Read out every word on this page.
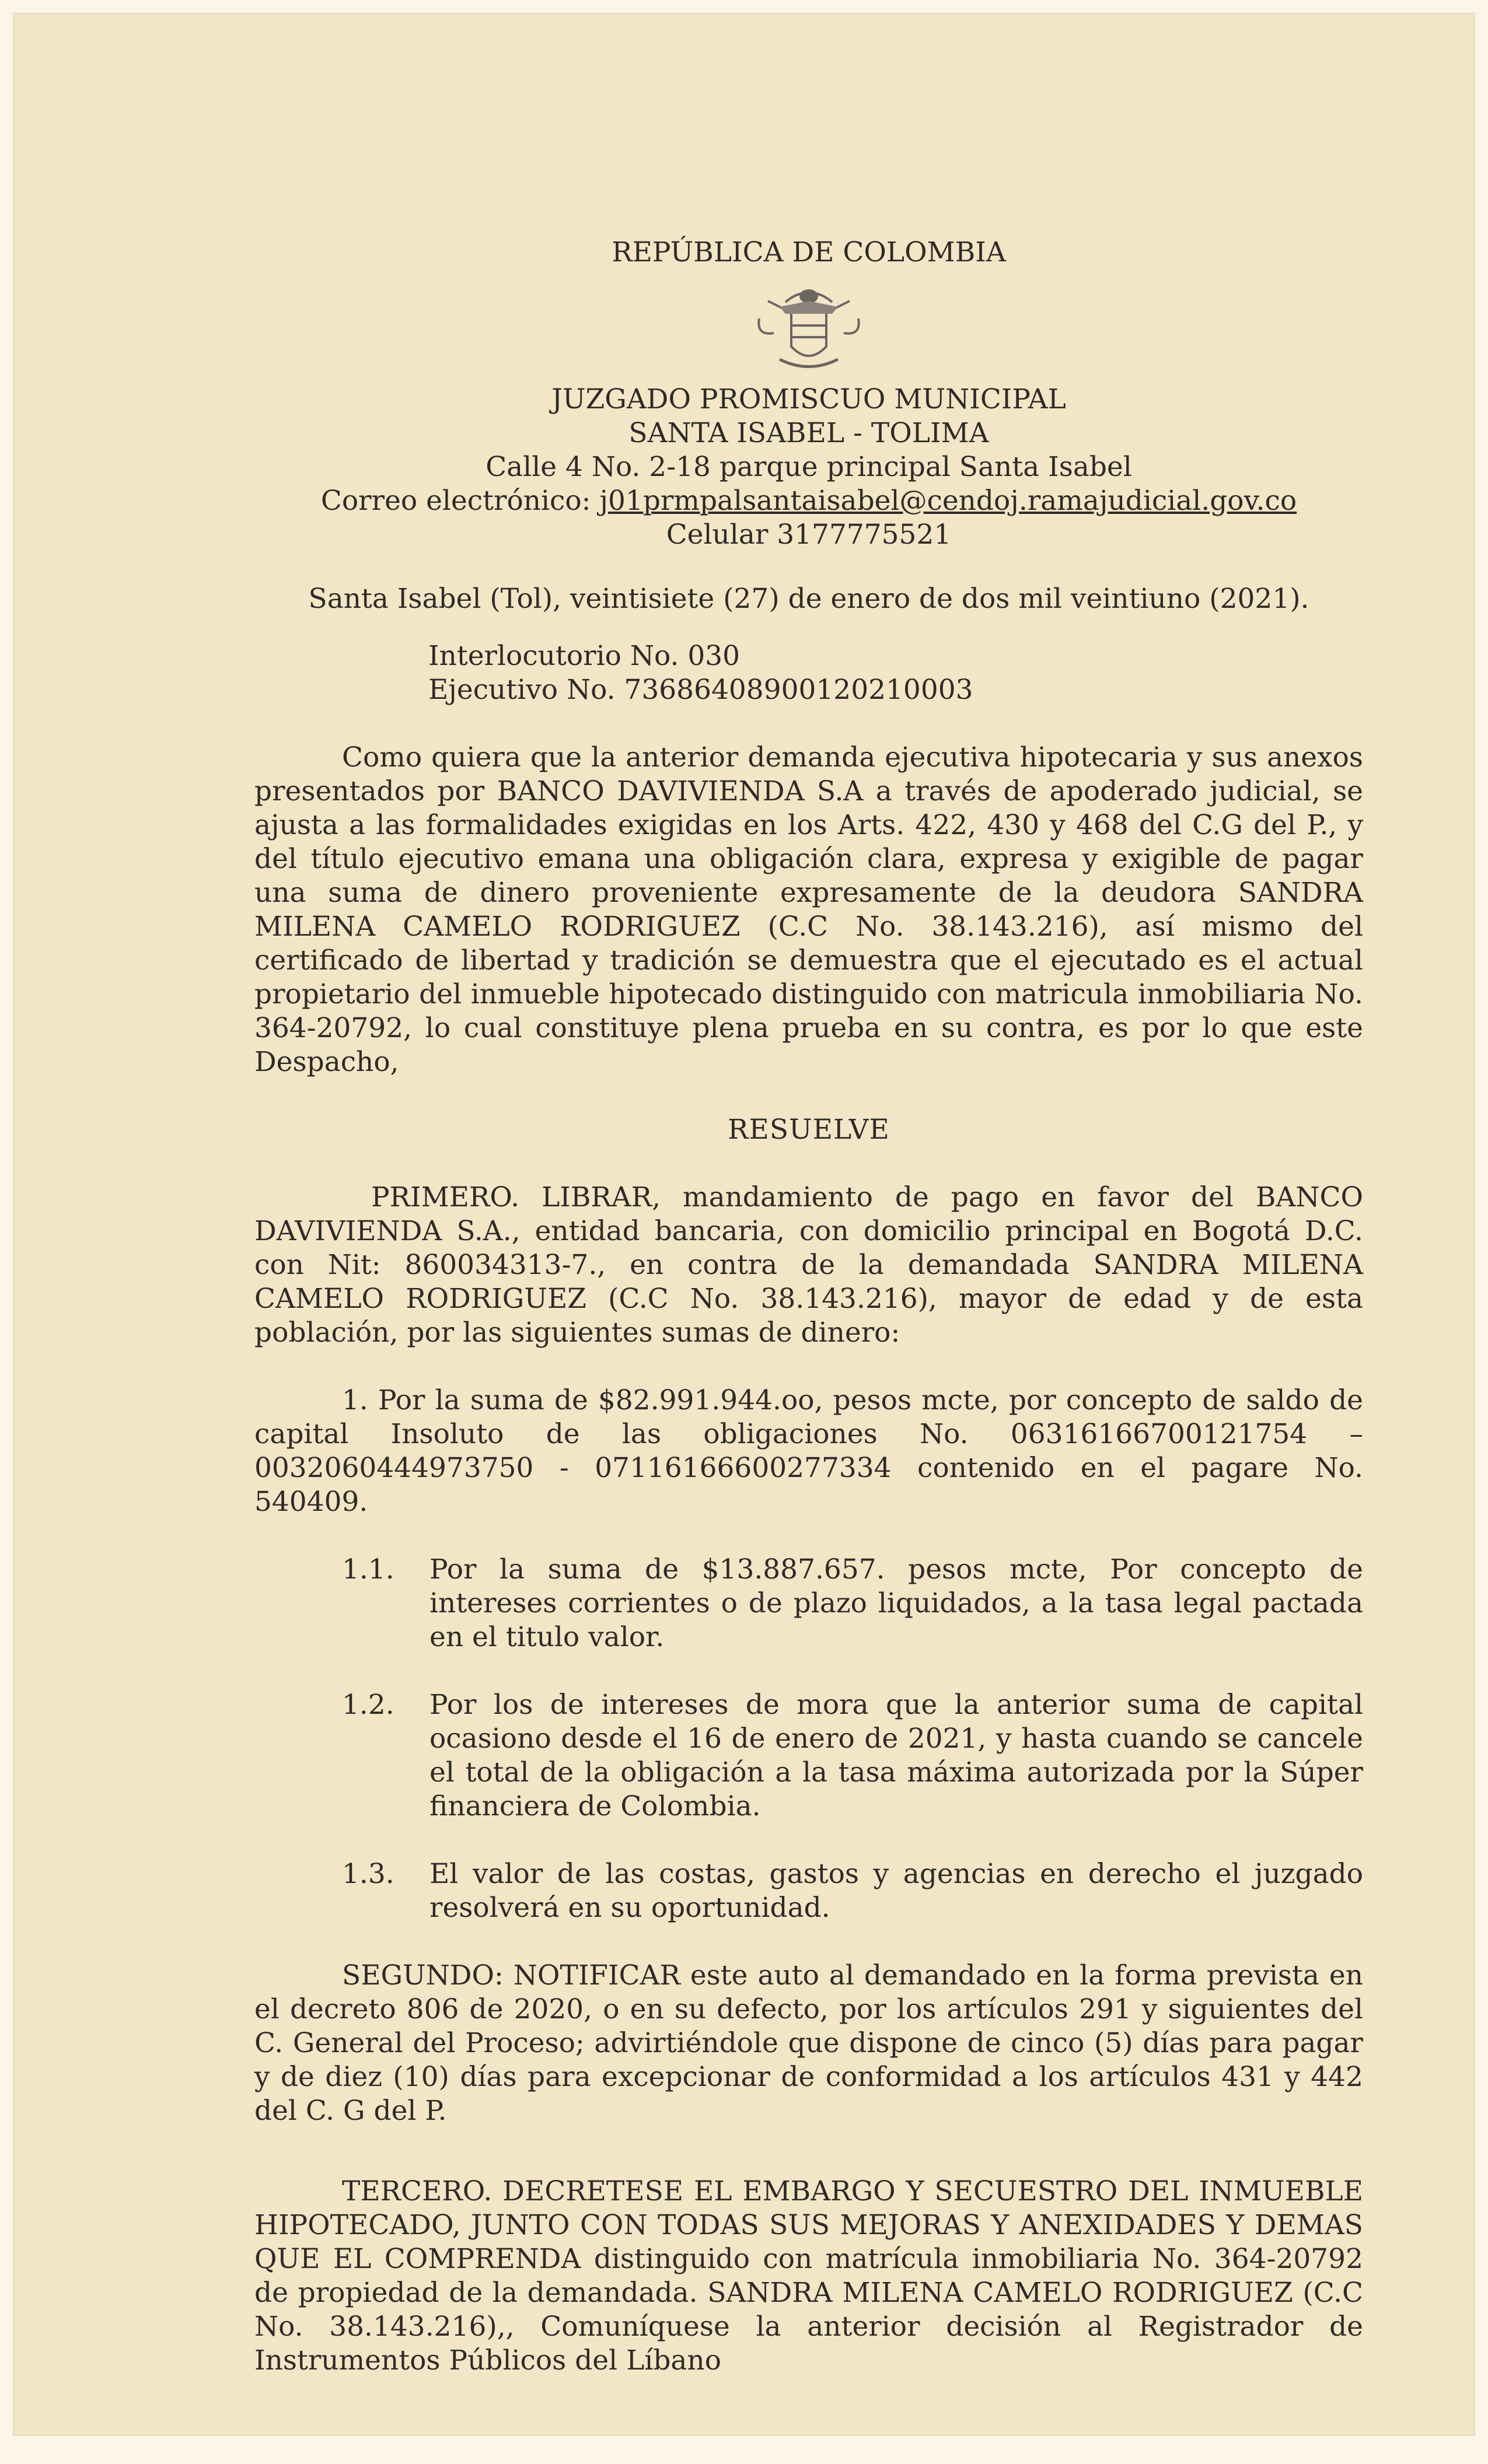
REPÚBLICA DE COLOMBIA
JUZGADO PROMISCUO MUNICIPAL
SANTA ISABEL - TOLIMA
Calle 4 No. 2-18 parque principal Santa Isabel
Correo electrónico: j01prmpalsantaisabel@cendoj.ramajudicial.gov.co
Celular 3177775521
Santa Isabel (Tol), veintisiete (27) de enero de dos mil veintiuno (2021).
Interlocutorio No. 030
Ejecutivo No. 73686408900120210003

Como quiera que la anterior demanda ejecutiva hipotecaria y sus anexos presentados por BANCO DAVIVIENDA S.A a través de apoderado judicial, se ajusta a las formalidades exigidas en los Arts. 422, 430 y 468 del C.G del P., y del título ejecutivo emana una obligación clara, expresa y exigible de pagar una suma de dinero proveniente expresamente de la deudora SANDRA MILENA CAMELO RODRIGUEZ (C.C No. 38.143.216), así mismo del certificado de libertad y tradición se demuestra que el ejecutado es el actual propietario del inmueble hipotecado distinguido con matricula inmobiliaria No. 364-20792, lo cual constituye plena prueba en su contra, es por lo que este Despacho,

RESUELVE

PRIMERO. LIBRAR, mandamiento de pago en favor del BANCO DAVIVIENDA S.A., entidad bancaria, con domicilio principal en Bogotá D.C. con Nit: 860034313-7., en contra de la demandada SANDRA MILENA CAMELO RODRIGUEZ (C.C No. 38.143.216), mayor de edad y de esta población, por las siguientes sumas de dinero:

1. Por la suma de $82.991.944.oo, pesos mcte, por concepto de saldo de capital Insoluto de las obligaciones No. 06316166700121754 – 0032060444973750 - 07116166600277334 contenido en el pagare No. 540409.

1.1.	Por la suma de $13.887.657. pesos mcte, Por concepto de intereses corrientes o de plazo liquidados, a la tasa legal pactada en el titulo valor.
1.2.	Por los de intereses de mora que la anterior suma de capital ocasiono desde el 16 de enero de 2021, y hasta cuando se cancele el total de la obligación a la tasa máxima autorizada por la Súper financiera de Colombia.
1.3.	El valor de las costas, gastos y agencias en derecho el juzgado resolverá en su oportunidad.

SEGUNDO: NOTIFICAR este auto al demandado en la forma prevista en el decreto 806 de 2020, o en su defecto, por los artículos 291 y siguientes del C. General del Proceso; advirtiéndole que dispone de cinco (5) días para pagar y de diez (10) días para excepcionar de conformidad a los artículos 431 y 442 del C. G del P.

TERCERO. DECRETESE EL EMBARGO Y SECUESTRO DEL INMUEBLE HIPOTECADO, JUNTO CON TODAS SUS MEJORAS Y ANEXIDADES Y DEMAS QUE EL COMPRENDA distinguido con matrícula inmobiliaria No. 364-20792 de propiedad de la demandada. SANDRA MILENA CAMELO RODRIGUEZ (C.C No. 38.143.216),, Comuníquese la anterior decisión al Registrador de Instrumentos Públicos del Líbano
